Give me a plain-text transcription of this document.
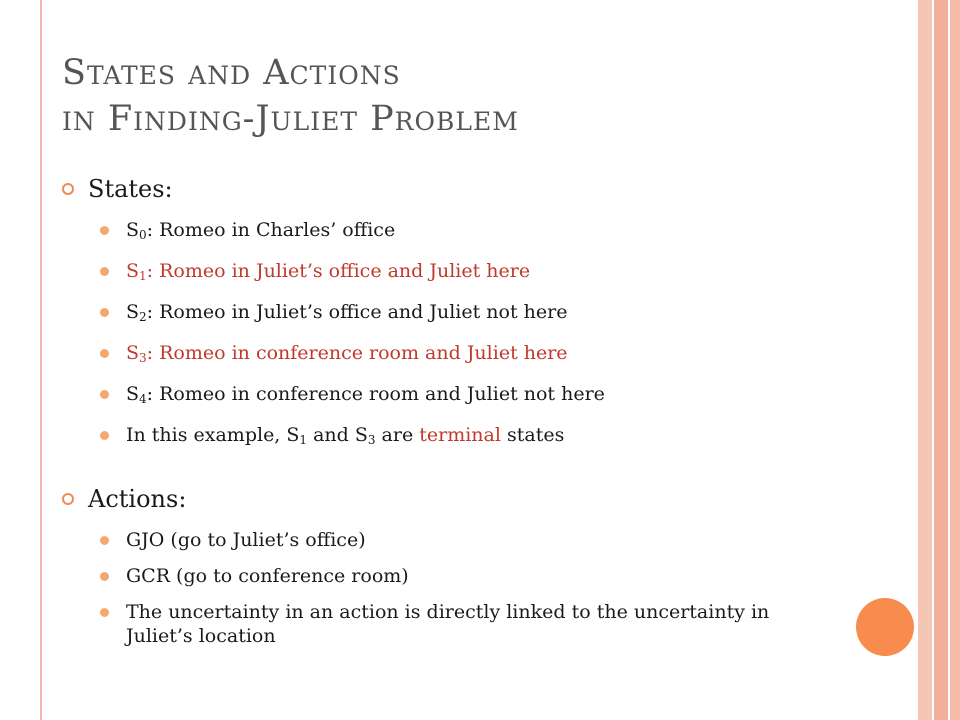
States and Actions
in Finding-Juliet Problem
States:
$S_0$: Romeo in Charles’ office
$S_1$: Romeo in Juliet’s office and Juliet here
$S_2$: Romeo in Juliet’s office and Juliet not here
$S_3$: Romeo in conference room and Juliet here
$S_4$: Romeo in conference room and Juliet not here
In this example, $S_1$ and $S_3$ are terminal states
Actions:
GJO (go to Juliet’s office)
GCR (go to conference room)
The uncertainty in an action is directly linked to the uncertainty in Juliet’s location
